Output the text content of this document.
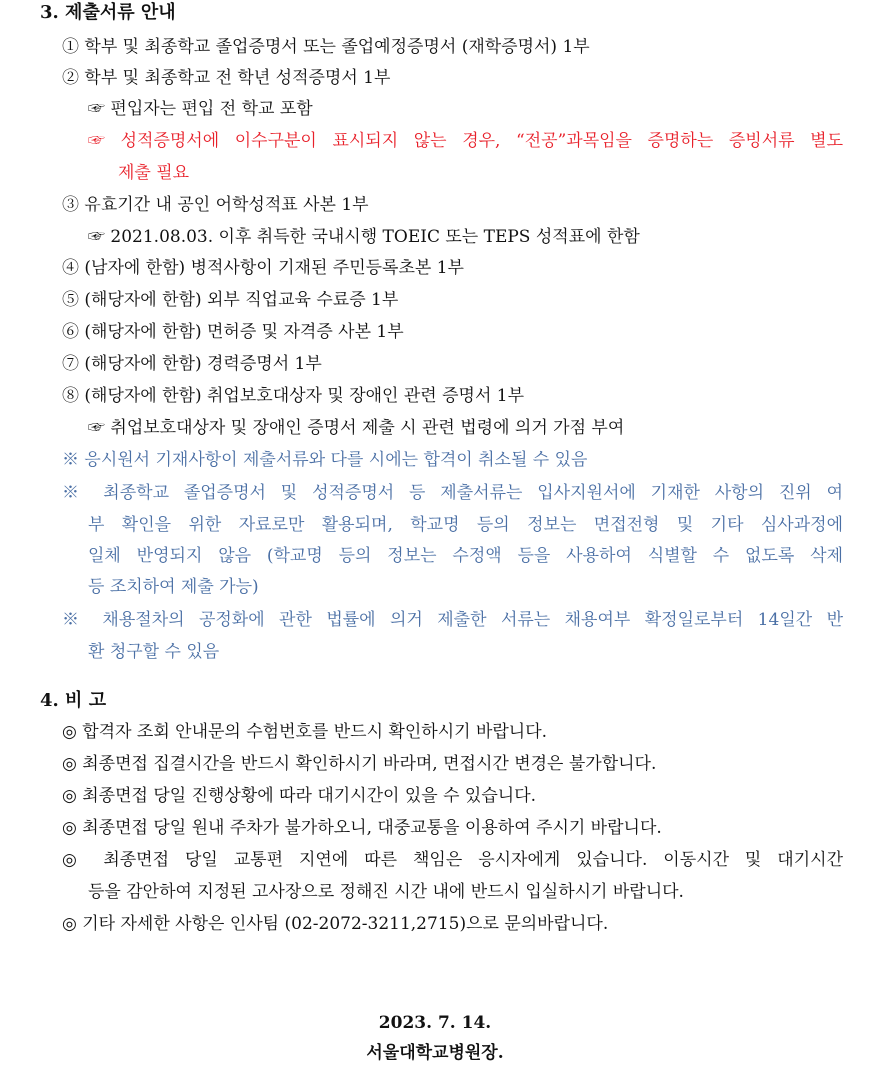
3. 제출서류 안내
① 학부 및 최종학교 졸업증명서 또는 졸업예정증명서 (재학증명서) 1부
② 학부 및 최종학교 전 학년 성적증명서 1부
☞ 편입자는 편입 전 학교 포함
☞ 성적증명서에 이수구분이 표시되지 않는 경우, “전공”과목임을 증명하는 증빙서류 별도
제출 필요
③ 유효기간 내 공인 어학성적표 사본 1부
☞ 2021.08.03. 이후 취득한 국내시행 TOEIC 또는 TEPS 성적표에 한함
④ (남자에 한함) 병적사항이 기재된 주민등록초본 1부
⑤ (해당자에 한함) 외부 직업교육 수료증 1부
⑥ (해당자에 한함) 면허증 및 자격증 사본 1부
⑦ (해당자에 한함) 경력증명서 1부
⑧ (해당자에 한함) 취업보호대상자 및 장애인 관련 증명서 1부
☞ 취업보호대상자 및 장애인 증명서 제출 시 관련 법령에 의거 가점 부여
※ 응시원서 기재사항이 제출서류와 다를 시에는 합격이 취소될 수 있음
※ 최종학교 졸업증명서 및 성적증명서 등 제출서류는 입사지원서에 기재한 사항의 진위 여
부 확인을 위한 자료로만 활용되며, 학교명 등의 정보는 면접전형 및 기타 심사과정에
일체 반영되지 않음 (학교명 등의 정보는 수정액 등을 사용하여 식별할 수 없도록 삭제
등 조치하여 제출 가능)
※ 채용절차의 공정화에 관한 법률에 의거 제출한 서류는 채용여부 확정일로부터 14일간 반
환 청구할 수 있음
4. 비 고
◎ 합격자 조회 안내문의 수험번호를 반드시 확인하시기 바랍니다.
◎ 최종면접 집결시간을 반드시 확인하시기 바라며, 면접시간 변경은 불가합니다.
◎ 최종면접 당일 진행상황에 따라 대기시간이 있을 수 있습니다.
◎ 최종면접 당일 원내 주차가 불가하오니, 대중교통을 이용하여 주시기 바랍니다.
◎ 최종면접 당일 교통편 지연에 따른 책임은 응시자에게 있습니다. 이동시간 및 대기시간
등을 감안하여 지정된 고사장으로 정해진 시간 내에 반드시 입실하시기 바랍니다.
◎ 기타 자세한 사항은 인사팀 (02-2072-3211,2715)으로 문의바랍니다.
2023. 7. 14.
서울대학교병원장.
